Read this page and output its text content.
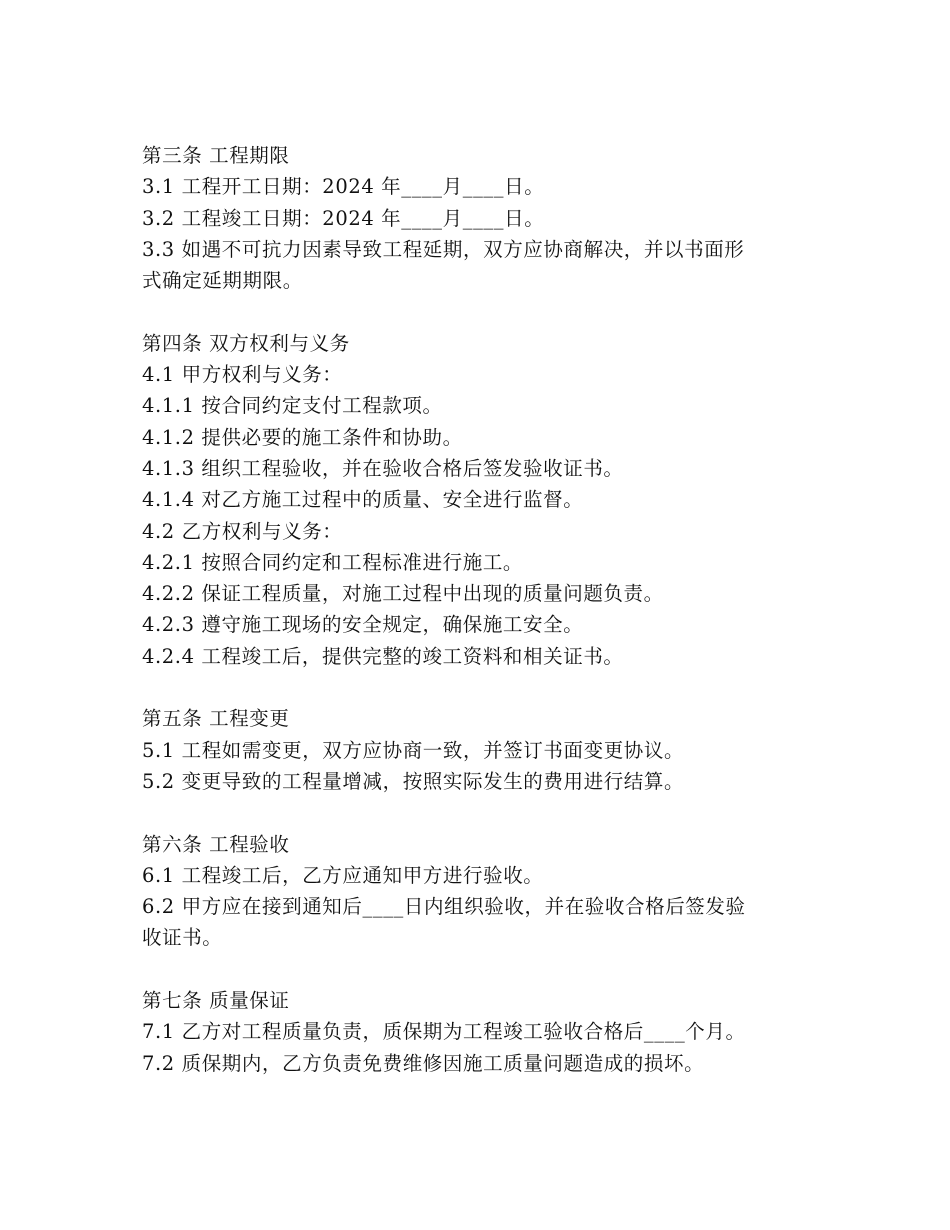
第三条 工程期限
3.1 工程开工日期：2024 年____月____日。
3.2 工程竣工日期：2024 年____月____日。
3.3 如遇不可抗力因素导致工程延期，双方应协商解决，并以书面形
式确定延期期限。
第四条 双方权利与义务
4.1 甲方权利与义务：
4.1.1 按合同约定支付工程款项。
4.1.2 提供必要的施工条件和协助。
4.1.3 组织工程验收，并在验收合格后签发验收证书。
4.1.4 对乙方施工过程中的质量、安全进行监督。
4.2 乙方权利与义务：
4.2.1 按照合同约定和工程标准进行施工。
4.2.2 保证工程质量，对施工过程中出现的质量问题负责。
4.2.3 遵守施工现场的安全规定，确保施工安全。
4.2.4 工程竣工后，提供完整的竣工资料和相关证书。
第五条 工程变更
5.1 工程如需变更，双方应协商一致，并签订书面变更协议。
5.2 变更导致的工程量增减，按照实际发生的费用进行结算。
第六条 工程验收
6.1 工程竣工后，乙方应通知甲方进行验收。
6.2 甲方应在接到通知后____日内组织验收，并在验收合格后签发验
收证书。
第七条 质量保证
7.1 乙方对工程质量负责，质保期为工程竣工验收合格后____个月。
7.2 质保期内，乙方负责免费维修因施工质量问题造成的损坏。
